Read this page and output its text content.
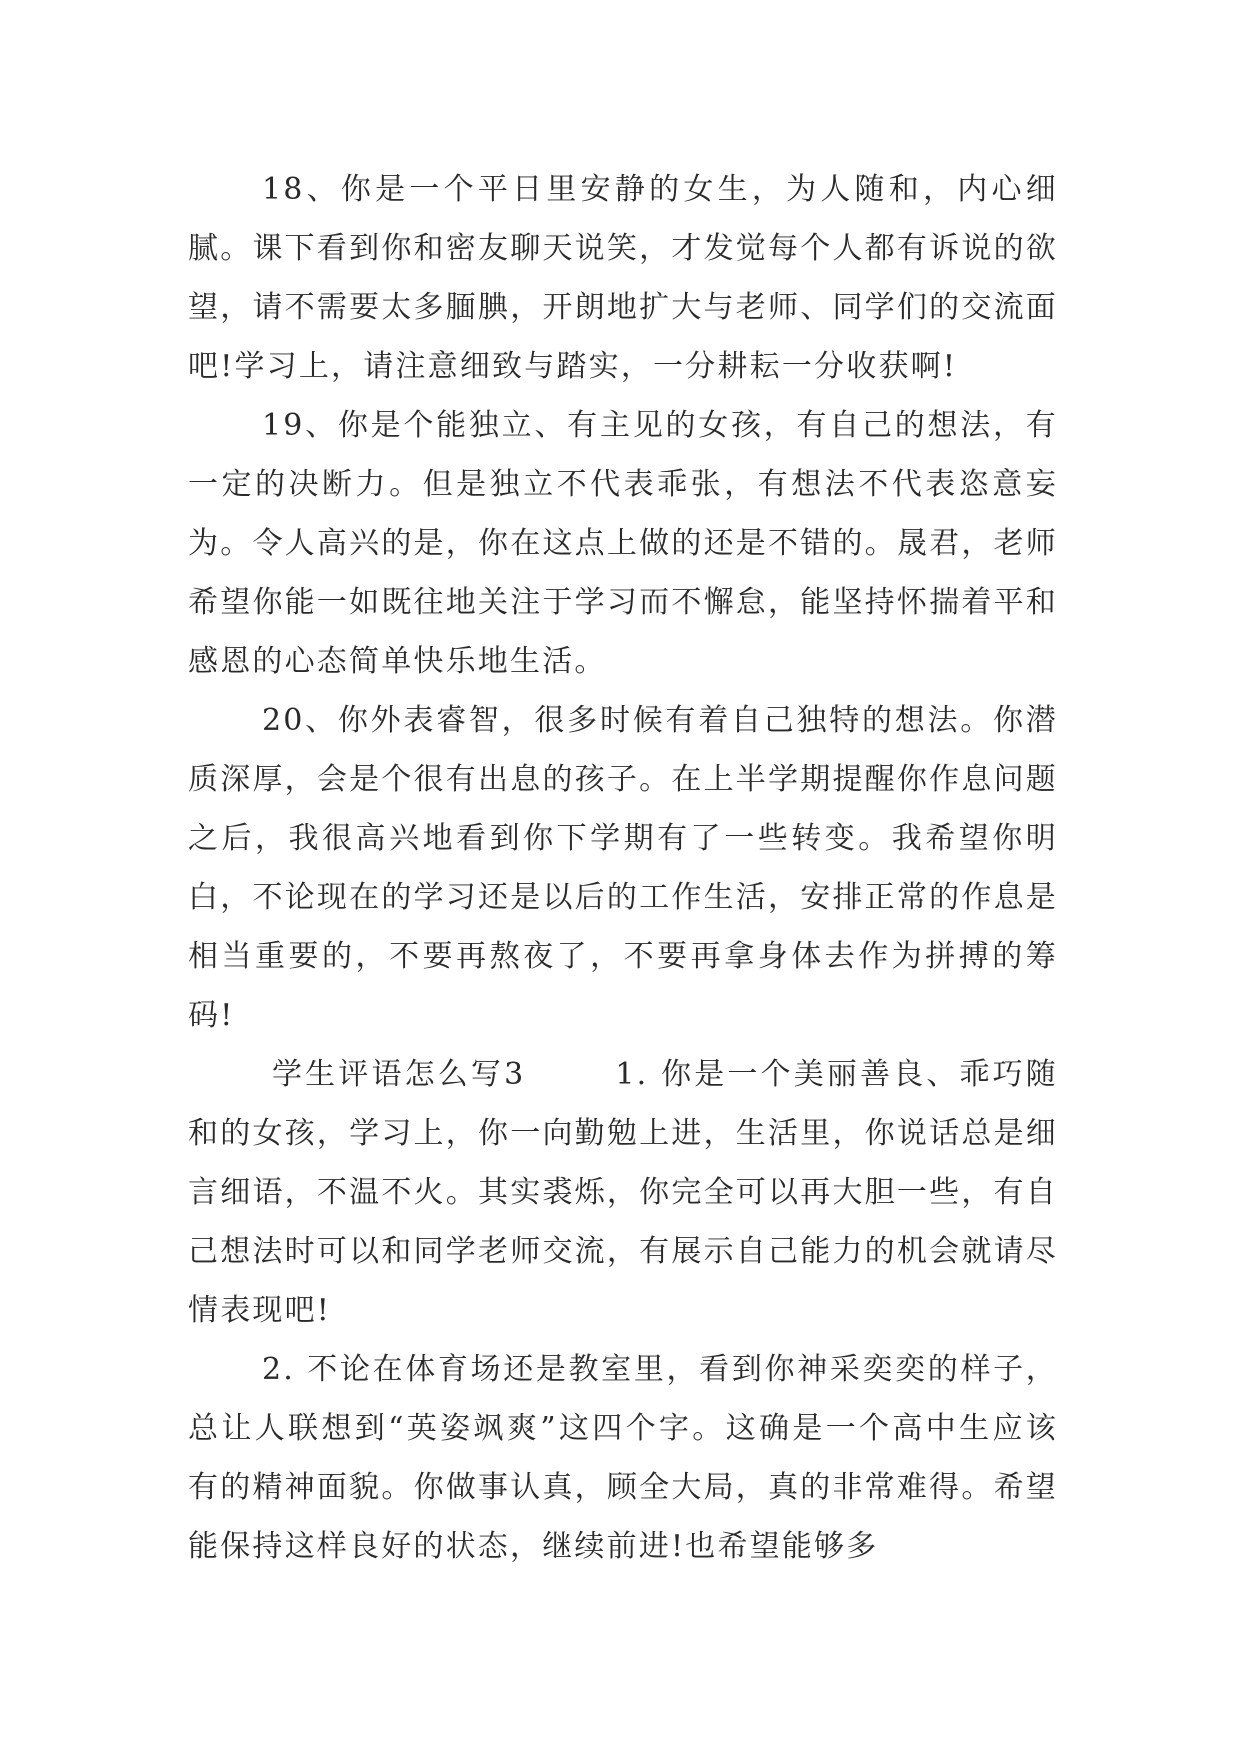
18、你是一个平日里安静的女生，为人随和，内心细腻。课下看到你和密友聊天说笑，才发觉每个人都有诉说的欲望，请不需要太多腼腆，开朗地扩大与老师、同学们的交流面吧!学习上，请注意细致与踏实，一分耕耘一分收获啊!

19、你是个能独立、有主见的女孩，有自己的想法，有一定的决断力。但是独立不代表乖张，有想法不代表恣意妄为。令人高兴的是，你在这点上做的还是不错的。晟君，老师希望你能一如既往地关注于学习而不懈怠，能坚持怀揣着平和感恩的心态简单快乐地生活。

20、你外表睿智，很多时候有着自己独特的想法。你潜质深厚，会是个很有出息的孩子。在上半学期提醒你作息问题之后，我很高兴地看到你下学期有了一些转变。我希望你明白，不论现在的学习还是以后的工作生活，安排正常的作息是相当重要的，不要再熬夜了，不要再拿身体去作为拼搏的筹码!

学生评语怎么写3	1. 你是一个美丽善良、乖巧随和的女孩，学习上，你一向勤勉上进，生活里，你说话总是细言细语，不温不火。其实裘烁，你完全可以再大胆一些，有自己想法时可以和同学老师交流，有展示自己能力的机会就请尽情表现吧!

2. 不论在体育场还是教室里，看到你神采奕奕的样子，总让人联想到“英姿飒爽”这四个字。这确是一个高中生应该有的精神面貌。你做事认真，顾全大局，真的非常难得。希望能保持这样良好的状态，继续前进!也希望能够多
